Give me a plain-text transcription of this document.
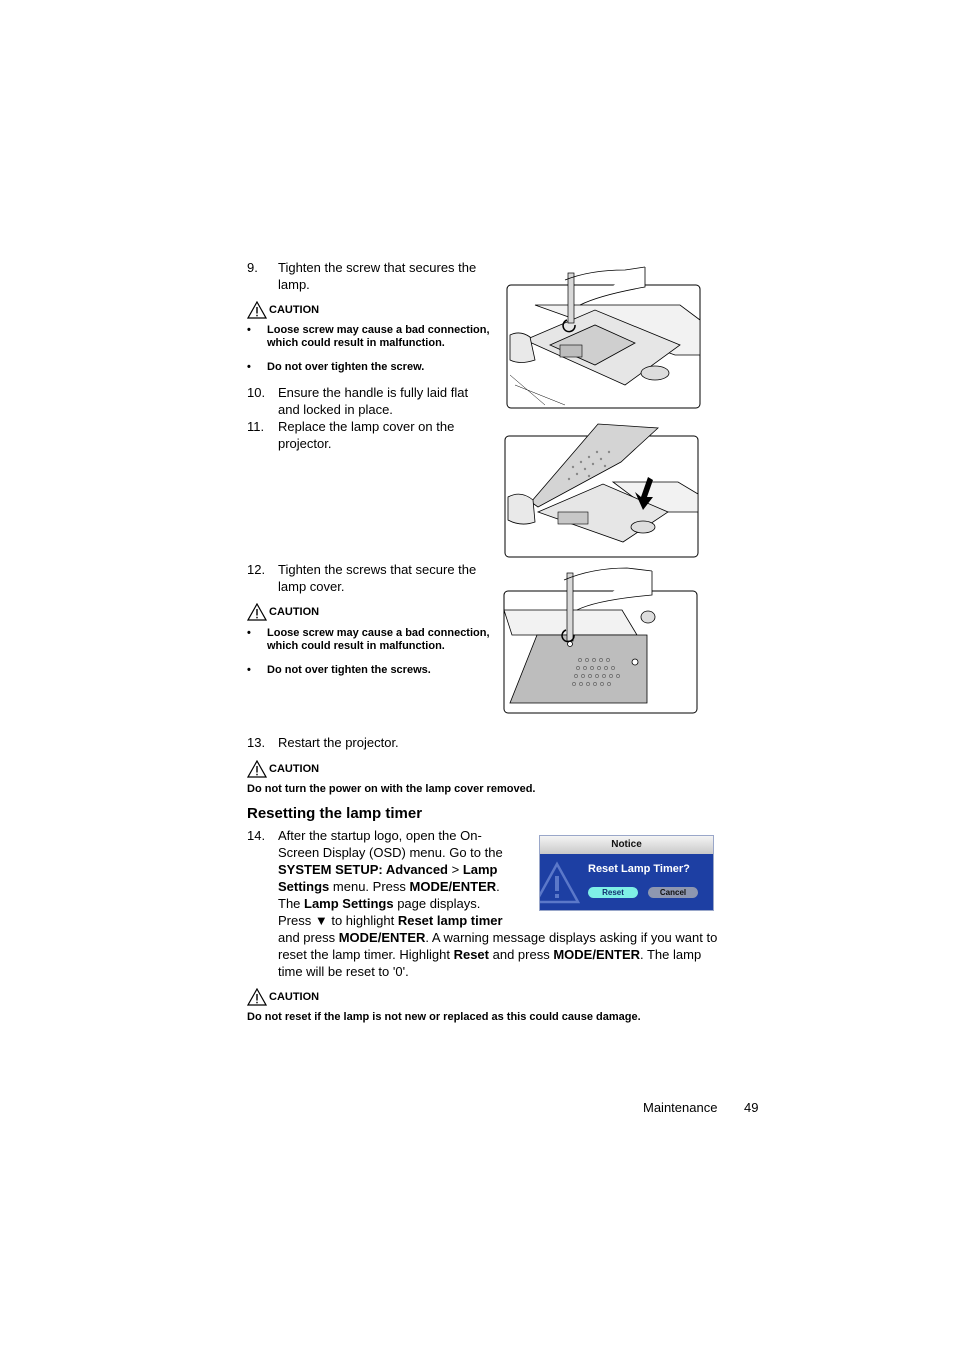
9. Tighten the screw that secures the lamp.
CAUTION
• Loose screw may cause a bad connection,
which could result in malfunction.
• Do not over tighten the screw.
10. Ensure the handle is fully laid flat and locked in place.
11. Replace the lamp cover on the projector.
12. Tighten the screws that secure the lamp cover.
CAUTION
• Loose screw may cause a bad connection,
which could result in malfunction.
• Do not over tighten the screws.
13. Restart the projector.
CAUTION
Do not turn the power on with the lamp cover removed.
Resetting the lamp timer
14. After the startup logo, open the On-
Screen Display (OSD) menu. Go to the
SYSTEM SETUP: Advanced > Lamp
Settings menu. Press MODE/ENTER.
The Lamp Settings page displays.
Press ▼ to highlight Reset lamp timer
and press MODE/ENTER. A warning message displays asking if you want to
reset the lamp timer. Highlight Reset and press MODE/ENTER. The lamp
time will be reset to '0'.
Notice
Reset Lamp Timer?
Reset	Cancel
CAUTION
Do not reset if the lamp is not new or replaced as this could cause damage.
Maintenance 49
